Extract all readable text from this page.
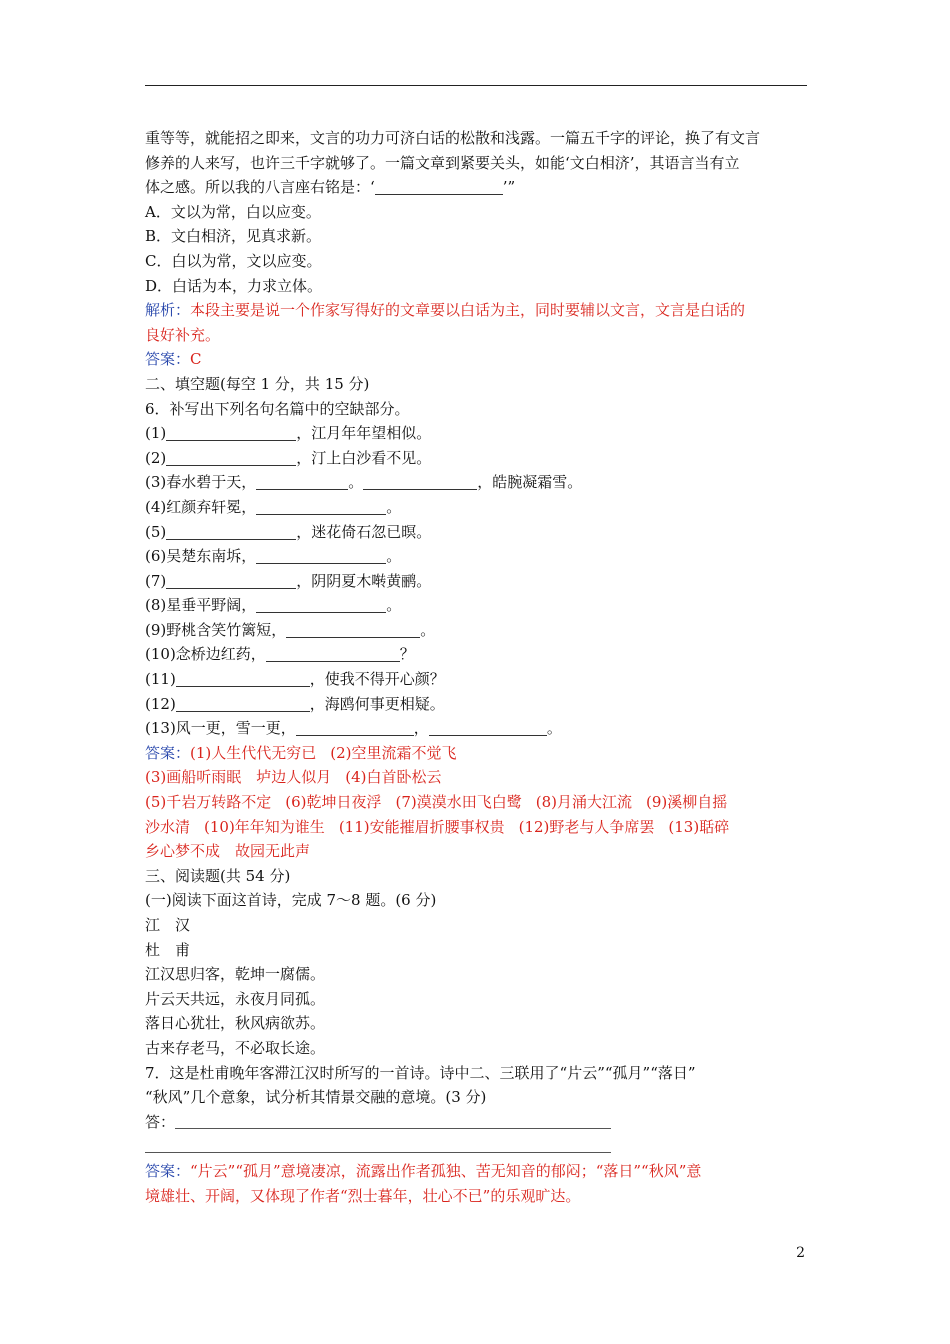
重等等，就能招之即来，文言的功力可济白话的松散和浅露。一篇五千字的评论，换了有文言
修养的人来写，也许三千字就够了。一篇文章到紧要关头，如能‘文白相济’，其语言当有立
体之感。所以我的八言座右铭是：‘	’”
A．文以为常，白以应变。
B．文白相济，见真求新。
C．白以为常，文以应变。
D．白话为本，力求立体。
解析：本段主要是说一个作家写得好的文章要以白话为主，同时要辅以文言，文言是白话的
良好补充。
答案：C
二、填空题(每空 1 分，共 15 分)
6．补写出下列名句名篇中的空缺部分。
(1)	，江月年年望相似。
(2)	，汀上白沙看不见。
(3)春水碧于天，	。	，皓腕凝霜雪。
(4)红颜弃轩冕，	。
(5)	，迷花倚石忽已暝。
(6)吴楚东南坼，	。
(7)	，阴阴夏木啭黄鹂。
(8)星垂平野阔，	。
(9)野桃含笑竹篱短，	。
(10)念桥边红药，	？
(11)	，使我不得开心颜？
(12)	，海鸥何事更相疑。
(13)风一更，雪一更，	，	。
答案：(1)人生代代无穷已 (2)空里流霜不觉飞
(3)画船听雨眠　垆边人似月 (4)白首卧松云
(5)千岩万转路不定 (6)乾坤日夜浮 (7)漠漠水田飞白鹭 (8)月涌大江流 (9)溪柳自摇
沙水清 (10)年年知为谁生 (11)安能摧眉折腰事权贵 (12)野老与人争席罢 (13)聒碎
乡心梦不成　故园无此声
三、阅读题(共 54 分)
(一)阅读下面这首诗，完成 7～8 题。(6 分)
江　汉
杜　甫
江汉思归客，乾坤一腐儒。
片云天共远，永夜月同孤。
落日心犹壮，秋风病欲苏。
古来存老马，不必取长途。
7．这是杜甫晚年客滞江汉时所写的一首诗。诗中二、三联用了“片云”“孤月”“落日”
“秋风”几个意象，试分析其情景交融的意境。(3 分)
答：
答案：“片云”“孤月”意境凄凉，流露出作者孤独、苦无知音的郁闷；“落日”“秋风”意
境雄壮、开阔，又体现了作者“烈士暮年，壮心不已”的乐观旷达。
2
